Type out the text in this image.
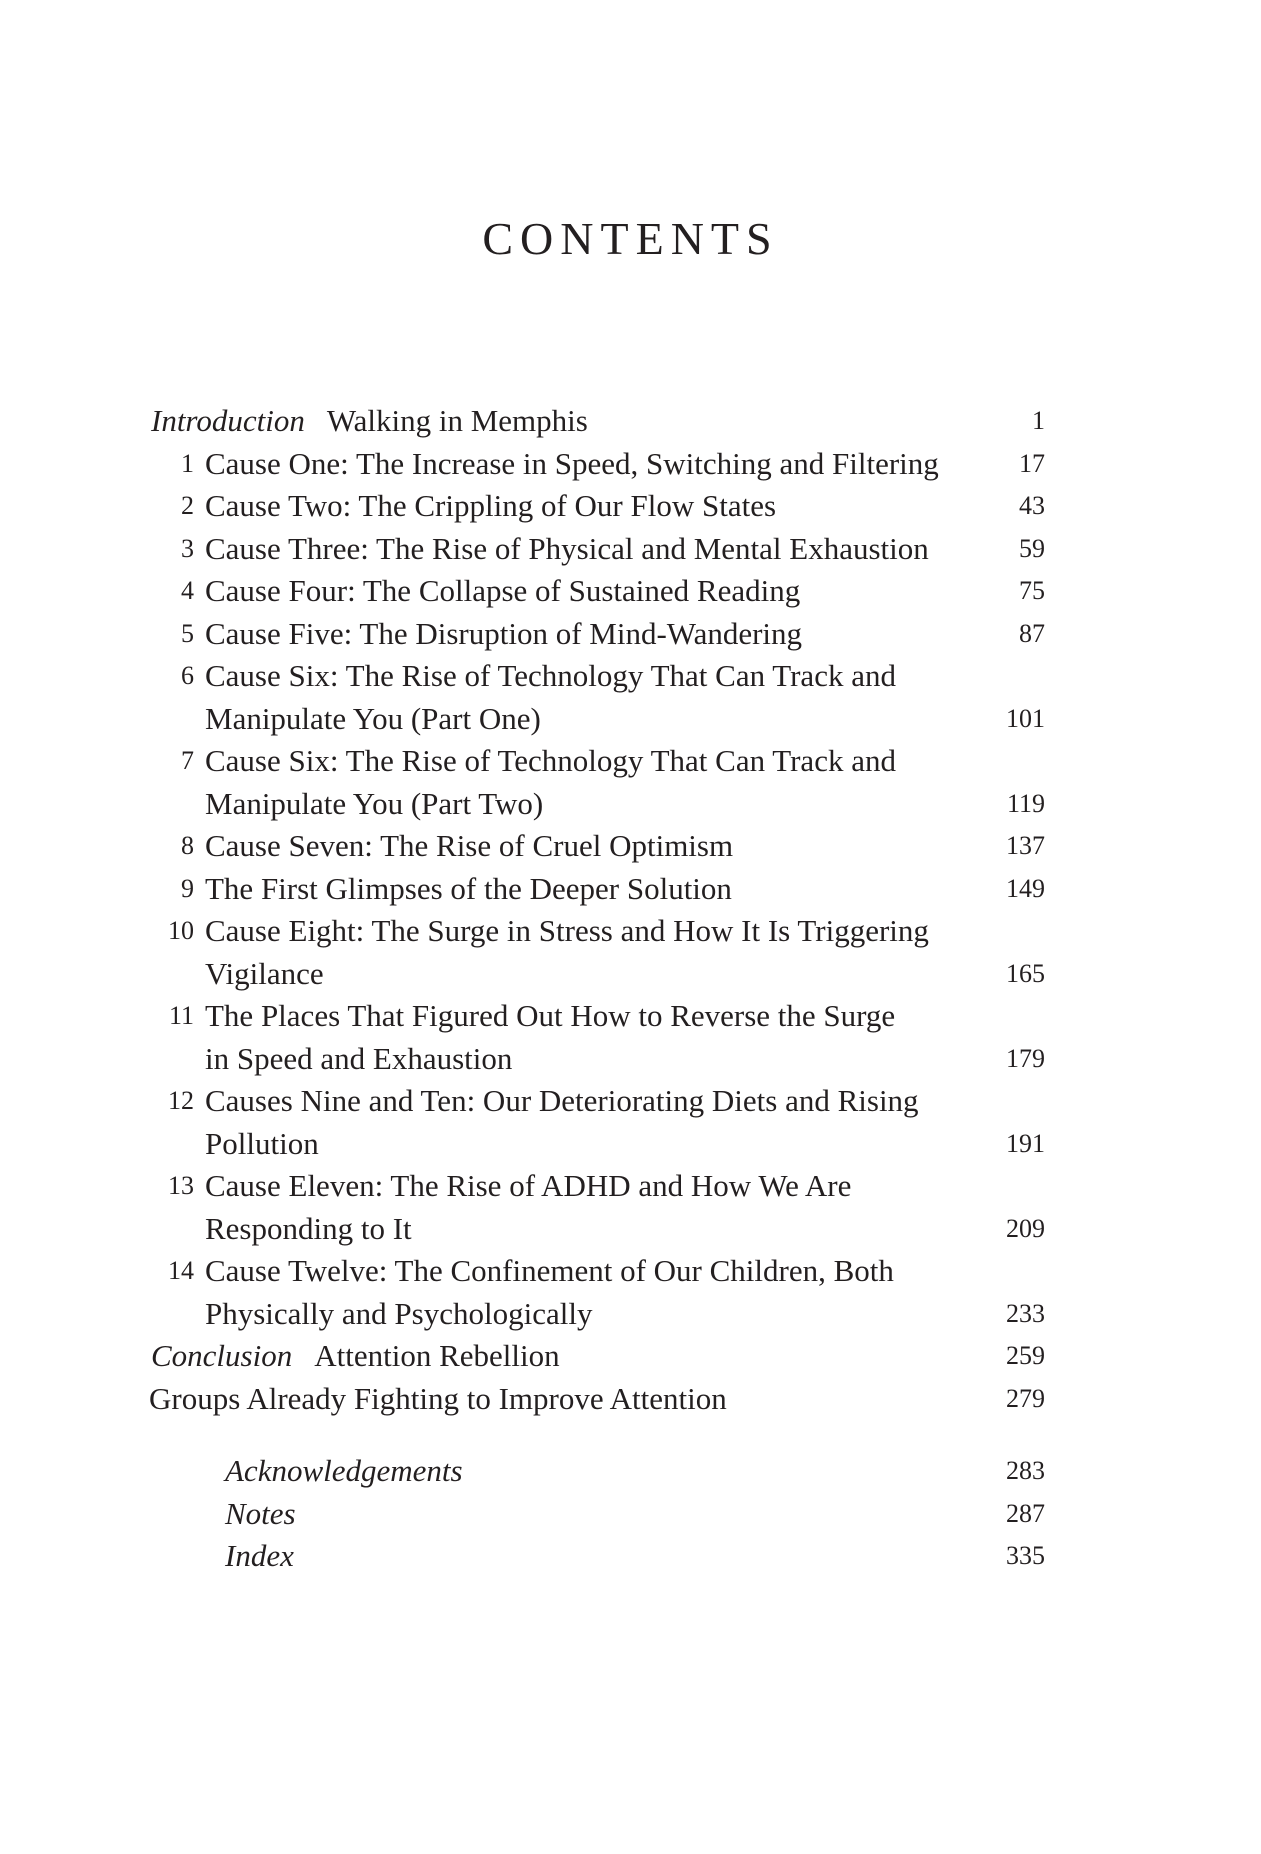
CONTENTS
Introduction Walking in Memphis	1
1 Cause One: The Increase in Speed, Switching and Filtering	17
2 Cause Two: The Crippling of Our Flow States	43
3 Cause Three: The Rise of Physical and Mental Exhaustion	59
4 Cause Four: The Collapse of Sustained Reading	75
5 Cause Five: The Disruption of Mind-Wandering	87
6 Cause Six: The Rise of Technology That Can Track and
Manipulate You (Part One)	101
7 Cause Six: The Rise of Technology That Can Track and
Manipulate You (Part Two)	119
8 Cause Seven: The Rise of Cruel Optimism	137
9 The First Glimpses of the Deeper Solution	149
10 Cause Eight: The Surge in Stress and How It Is Triggering
Vigilance	165
11 The Places That Figured Out How to Reverse the Surge
in Speed and Exhaustion	179
12 Causes Nine and Ten: Our Deteriorating Diets and Rising
Pollution	191
13 Cause Eleven: The Rise of ADHD and How We Are
Responding to It	209
14 Cause Twelve: The Confinement of Our Children, Both
Physically and Psychologically	233
Conclusion Attention Rebellion	259
Groups Already Fighting to Improve Attention	279
Acknowledgements	283
Notes	287
Index	335
